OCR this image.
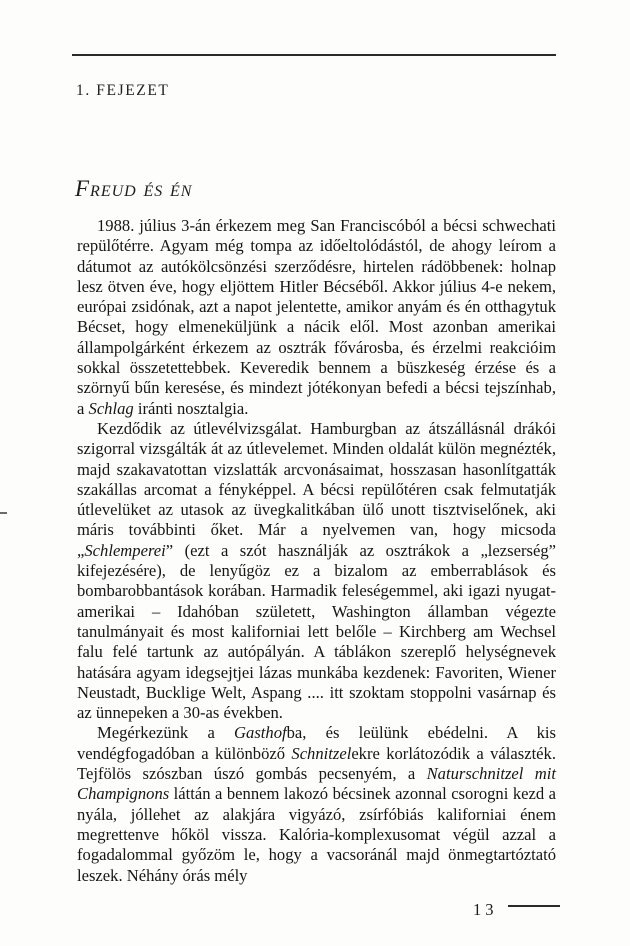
1. FEJEZET
Freud és én

1988. július 3-án érkezem meg San Franciscóból a bécsi schwechati repülőtérre. Agyam még tompa az időeltolódástól, de ahogy leírom a dátumot az autókölcsönzési szerződésre, hirtelen rádöbbenek: holnap lesz ötven éve, hogy eljöttem Hitler Bécséből. Akkor július 4-e nekem, európai zsidónak, azt a napot jelentette, amikor anyám és én otthagytuk Bécset, hogy elmeneküljünk a nácik elől. Most azonban amerikai állampolgárként érkezem az osztrák fővárosba, és érzelmi reakcióim sokkal összetettebbek. Keveredik bennem a büszkeség érzése és a szörnyű bűn keresése, és mindezt jótékonyan befedi a bécsi tejszínhab, a Schlag iránti nosztalgia.

Kezdődik az útlevélvizsgálat. Hamburgban az átszállásnál drákói szigorral vizsgálták át az útlevelemet. Minden oldalát külön megnézték, majd szakavatottan vizslatták arcvonásaimat, hosszasan hasonlítgatták szakállas arcomat a fényképpel. A bécsi repülőtéren csak felmutatják útlevelüket az utasok az üvegkalitkában ülő unott tisztviselőnek, aki máris továbbinti őket. Már a nyelvemen van, hogy micsoda „Schlemperei” (ezt a szót használják az osztrákok a „lezserség” kifejezésére), de lenyűgöz ez a bizalom az emberrablások és bombarobbantások korában. Harmadik feleségemmel, aki igazi nyugat-amerikai – Idahóban született, Washington államban végezte tanulmányait és most kaliforniai lett belőle – Kirchberg am Wechsel falu felé tartunk az autópályán. A táblákon szereplő helységnevek hatására agyam idegsejtjei lázas munkába kezdenek: Favoriten, Wiener Neustadt, Bucklige Welt, Aspang .... itt szoktam stoppolni vasárnap és az ünnepeken a 30-as években.

Megérkezünk a Gasthofba, és leülünk ebédelni. A kis vendégfogadóban a különböző Schnitzelekre korlátozódik a választék. Tejfölös szószban úszó gombás pecsenyém, a Naturschnitzel mit Champignons láttán a bennem lakozó bécsinek azonnal csorogni kezd a nyála, jóllehet az alakjára vigyázó, zsírfóbiás kaliforniai énem megrettenve hőköl vissza. Kalória-komplexusomat végül azzal a fogadalommal győzöm le, hogy a vacsoránál majd önmegtartóztató leszek. Néhány órás mély

13
